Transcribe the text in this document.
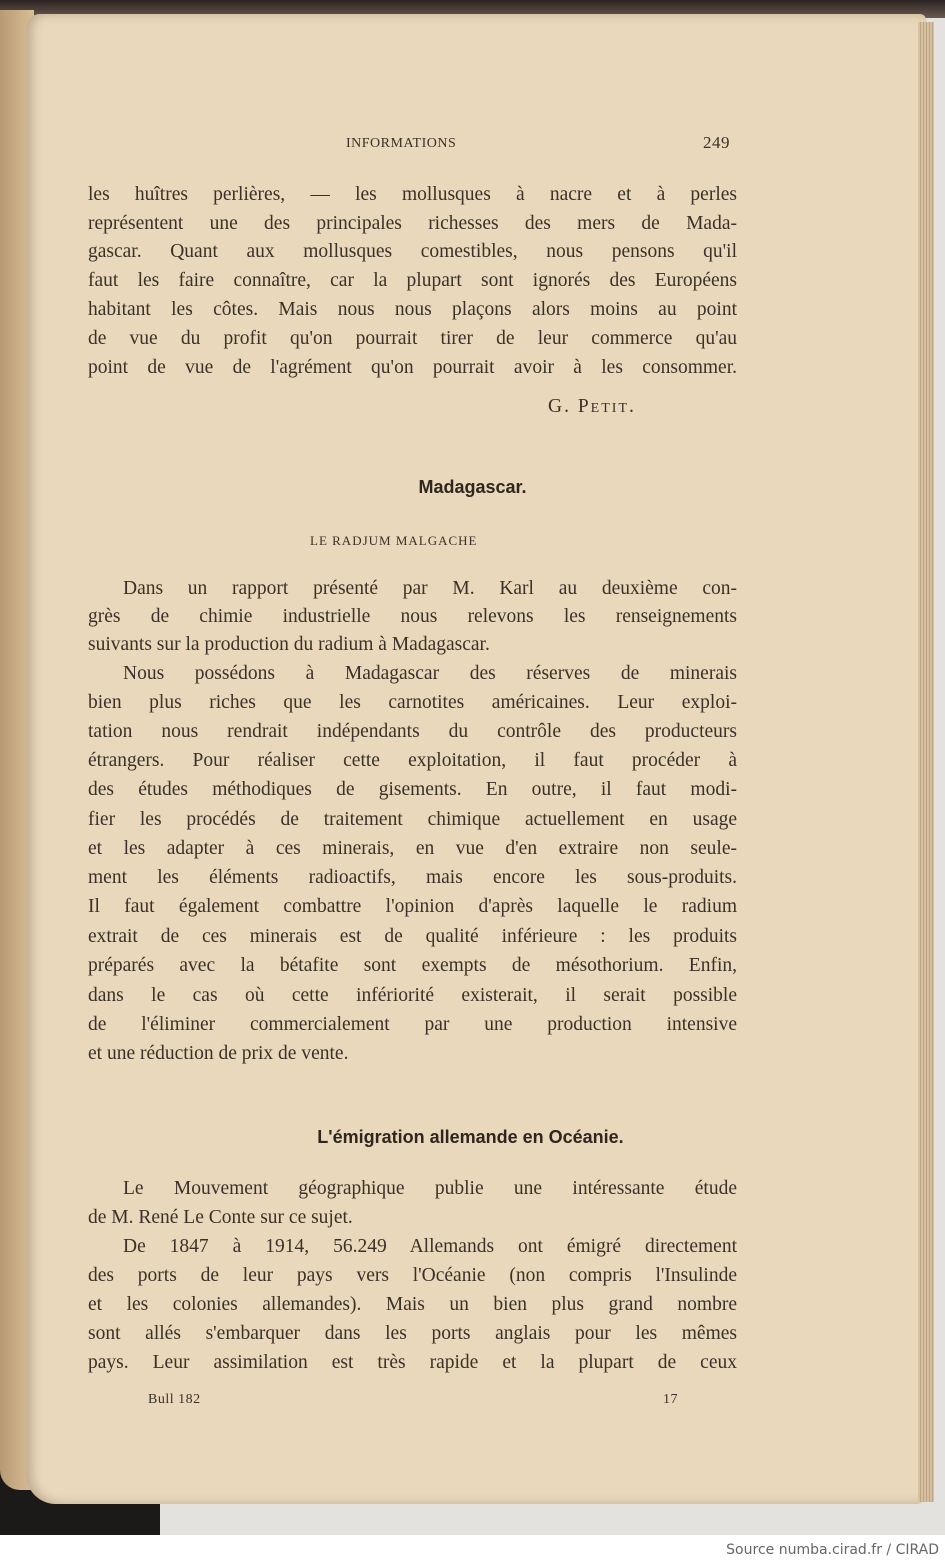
INFORMATIONS	249
les huîtres perlières, — les mollusques à nacre et à perles
représentent une des principales richesses des mers de Mada-
gascar. Quant aux mollusques comestibles, nous pensons qu'il
faut les faire connaître, car la plupart sont ignorés des Européens
habitant les côtes. Mais nous nous plaçons alors moins au point
de vue du profit qu'on pourrait tirer de leur commerce qu'au
point de vue de l'agrément qu'on pourrait avoir à les consommer.
G. Petit.
Madagascar.
LE RADJUM MALGACHE
Dans un rapport présenté par M. Karl au deuxième con-
grès de chimie industrielle nous relevons les renseignements
suivants sur la production du radium à Madagascar.
Nous possédons à Madagascar des réserves de minerais
bien plus riches que les carnotites américaines. Leur exploi-
tation nous rendrait indépendants du contrôle des producteurs
étrangers. Pour réaliser cette exploitation, il faut procéder à
des études méthodiques de gisements. En outre, il faut modi-
fier les procédés de traitement chimique actuellement en usage
et les adapter à ces minerais, en vue d'en extraire non seule-
ment les éléments radioactifs, mais encore les sous-produits.
Il faut également combattre l'opinion d'après laquelle le radium
extrait de ces minerais est de qualité inférieure : les produits
préparés avec la bétafite sont exempts de mésothorium. Enfin,
dans le cas où cette infériorité existerait, il serait possible
de l'éliminer commercialement par une production intensive
et une réduction de prix de vente.
L'émigration allemande en Océanie.
Le Mouvement géographique publie une intéressante étude
de M. René Le Conte sur ce sujet.
De 1847 à 1914, 56.249 Allemands ont émigré directement
des ports de leur pays vers l'Océanie (non compris l'Insulinde
et les colonies allemandes). Mais un bien plus grand nombre
sont allés s'embarquer dans les ports anglais pour les mêmes
pays. Leur assimilation est très rapide et la plupart de ceux
Bull 182	17
Source numba.cirad.fr / CIRAD
